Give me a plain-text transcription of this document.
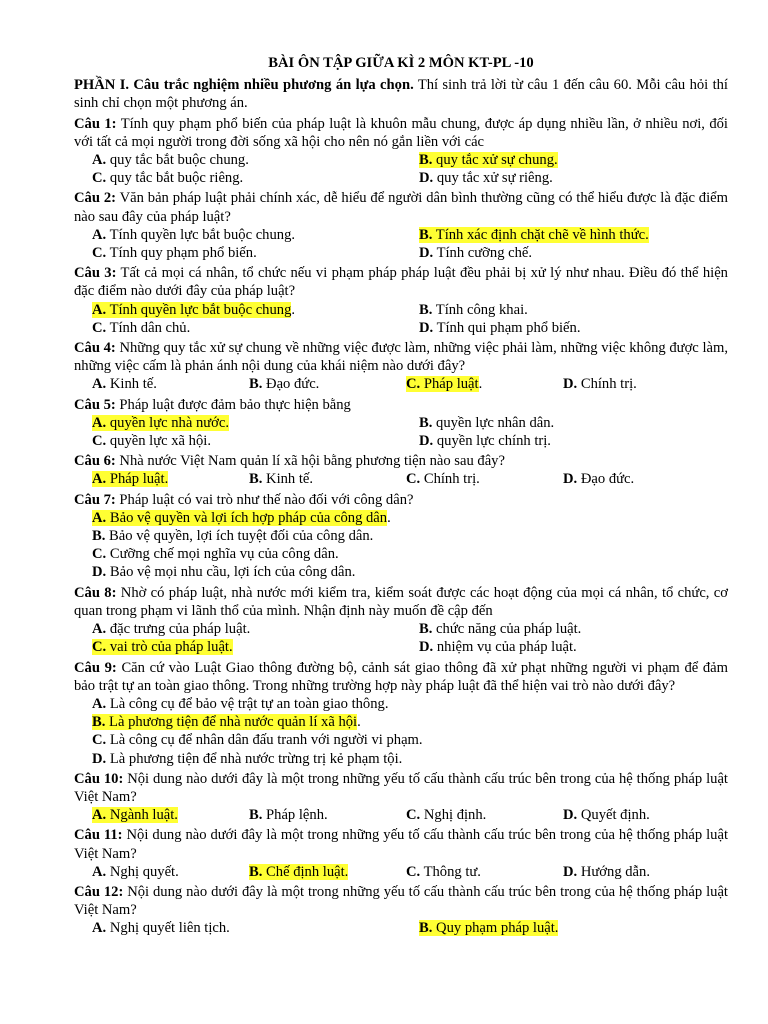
BÀI ÔN TẬP GIỮA KÌ 2 MÔN KT-PL -10
PHẦN I. Câu trắc nghiệm nhiều phương án lựa chọn. Thí sinh trả lời từ câu 1 đến câu 60. Mỗi câu hỏi thí sinh chỉ chọn một phương án.
Câu 1: Tính quy phạm phổ biến của pháp luật là khuôn mẫu chung, được áp dụng nhiều lần, ở nhiều nơi, đối với tất cả mọi người trong đời sống xã hội cho nên nó gắn liền với các
A. quy tắc bắt buộc chung.	B. quy tắc xử sự chung.
C. quy tắc bắt buộc riêng.	D. quy tắc xử sự riêng.
Câu 2: Văn bản pháp luật phải chính xác, dễ hiểu để người dân bình thường cũng có thể hiểu được là đặc điểm nào sau đây của pháp luật?
A. Tính quyền lực bắt buộc chung.	B. Tính xác định chặt chẽ về hình thức.
C. Tính quy phạm phổ biến.	D. Tính cưỡng chế.
Câu 3: Tất cả mọi cá nhân, tổ chức nếu vi phạm pháp pháp luật đều phải bị xử lý như nhau. Điều đó thể hiện đặc điểm nào dưới đây của pháp luật?
A. Tính quyền lực bắt buộc chung.	B. Tính công khai.
C. Tính dân chủ.	D. Tính qui phạm phổ biến.
Câu 4: Những quy tắc xử sự chung về những việc được làm, những việc phải làm, những việc không được làm, những việc cấm là phản ánh nội dung của khái niệm nào dưới đây?
A. Kinh tế.	B. Đạo đức.	C. Pháp luật.	D. Chính trị.
Câu 5: Pháp luật được đảm bảo thực hiện bằng
A. quyền lực nhà nước.	B. quyền lực nhân dân.
C. quyền lực xã hội.	D. quyền lực chính trị.
Câu 6: Nhà nước Việt Nam quản lí xã hội bằng phương tiện nào sau đây?
A. Pháp luật.	B. Kinh tế.	C. Chính trị.	D. Đạo đức.
Câu 7: Pháp luật có vai trò như thế nào đối với công dân?
A. Bảo vệ quyền và lợi ích hợp pháp của công dân.
B. Bảo vệ quyền, lợi ích tuyệt đối của công dân.
C. Cưỡng chế mọi nghĩa vụ của công dân.
D. Bảo vệ mọi nhu cầu, lợi ích của công dân.
Câu 8: Nhờ có pháp luật, nhà nước mới kiểm tra, kiểm soát được các hoạt động của mọi cá nhân, tổ chức, cơ quan trong phạm vi lãnh thổ của mình. Nhận định này muốn đề cập đến
A. đặc trưng của pháp luật.	B. chức năng của pháp luật.
C. vai trò của pháp luật.	D. nhiệm vụ của pháp luật.
Câu 9: Căn cứ vào Luật Giao thông đường bộ, cảnh sát giao thông đã xử phạt những người vi phạm để đảm bảo trật tự an toàn giao thông. Trong những trường hợp này pháp luật đã thể hiện vai trò nào dưới đây?
A. Là công cụ để bảo vệ trật tự an toàn giao thông.
B. Là phương tiện để nhà nước quản lí xã hội.
C. Là công cụ để nhân dân đấu tranh với người vi phạm.
D. Là phương tiện để nhà nước trừng trị kẻ phạm tội.
Câu 10: Nội dung nào dưới đây là một trong những yếu tố cấu thành cấu trúc bên trong của hệ thống pháp luật Việt Nam?
A. Ngành luật.	B. Pháp lệnh.	C. Nghị định.	D. Quyết định.
Câu 11: Nội dung nào dưới đây là một trong những yếu tố cấu thành cấu trúc bên trong của hệ thống pháp luật Việt Nam?
A. Nghị quyết.	B. Chế định luật.	C. Thông tư.	D. Hướng dẫn.
Câu 12: Nội dung nào dưới đây là một trong những yếu tố cấu thành cấu trúc bên trong của hệ thống pháp luật Việt Nam?
A. Nghị quyết liên tịch.	B. Quy phạm pháp luật.
